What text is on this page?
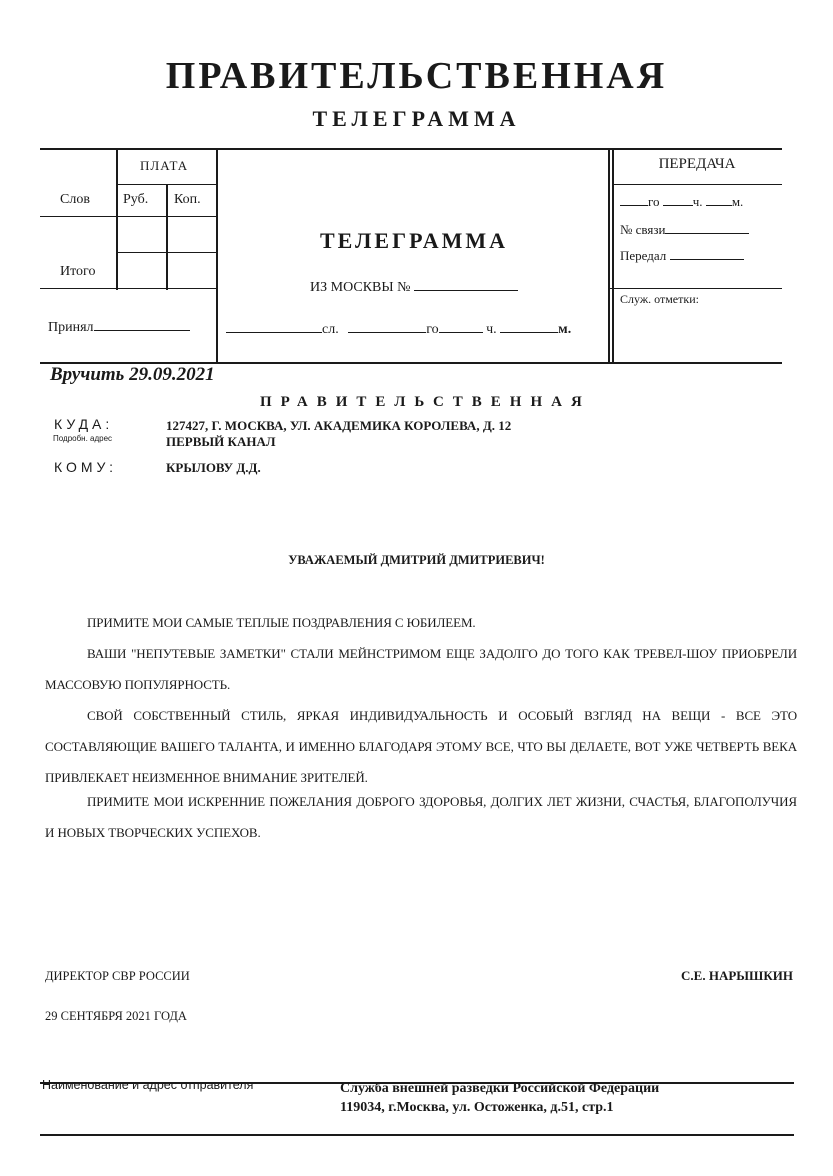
ПРАВИТЕЛЬСТВЕННАЯ
ТЕЛЕГРАММА
ПЛАТА
Слов Руб. Коп.
Итого
Принял
ТЕЛЕГРАММА
ИЗ МОСКВЫ №
сл.	го	ч.	м.
ПЕРЕДАЧА
го	ч. м.
№ связи
Передал
Служ. отметки:
Вручить 29.09.2021
ПРАВИТЕЛЬСТВЕННАЯ
КУДА:
Подробн. адрес
127427, Г. МОСКВА, УЛ. АКАДЕМИКА КОРОЛЕВА, Д. 12
ПЕРВЫЙ КАНАЛ
КОМУ:	КРЫЛОВУ Д.Д.
УВАЖАЕМЫЙ ДМИТРИЙ ДМИТРИЕВИЧ!
ПРИМИТЕ МОИ САМЫЕ ТЕПЛЫЕ ПОЗДРАВЛЕНИЯ С ЮБИЛЕЕМ.
ВАШИ "НЕПУТЕВЫЕ ЗАМЕТКИ" СТАЛИ МЕЙНСТРИМОМ ЕЩЕ ЗАДОЛГО ДО ТОГО КАК ТРЕВЕЛ-ШОУ ПРИОБРЕЛИ МАССОВУЮ ПОПУЛЯРНОСТЬ.
СВОЙ СОБСТВЕННЫЙ СТИЛЬ, ЯРКАЯ ИНДИВИДУАЛЬНОСТЬ И ОСОБЫЙ ВЗГЛЯД НА ВЕЩИ - ВСЕ ЭТО СОСТАВЛЯЮЩИЕ ВАШЕГО ТАЛАНТА, И ИМЕННО БЛАГОДАРЯ ЭТОМУ ВСЕ, ЧТО ВЫ ДЕЛАЕТЕ, ВОТ УЖЕ ЧЕТВЕРТЬ ВЕКА ПРИВЛЕКАЕТ НЕИЗМЕННОЕ ВНИМАНИЕ ЗРИТЕЛЕЙ.
ПРИМИТЕ МОИ ИСКРЕННИЕ ПОЖЕЛАНИЯ ДОБРОГО ЗДОРОВЬЯ, ДОЛГИХ ЛЕТ ЖИЗНИ, СЧАСТЬЯ, БЛАГОПОЛУЧИЯ И НОВЫХ ТВОРЧЕСКИХ УСПЕХОВ.
ДИРЕКТОР СВР РОССИИ	С.Е. НАРЫШКИН
29 СЕНТЯБРЯ 2021 ГОДА
Наименование и адрес отправителя	Служба внешней разведки Российской Федерации
119034, г.Москва, ул. Остоженка, д.51, стр.1
